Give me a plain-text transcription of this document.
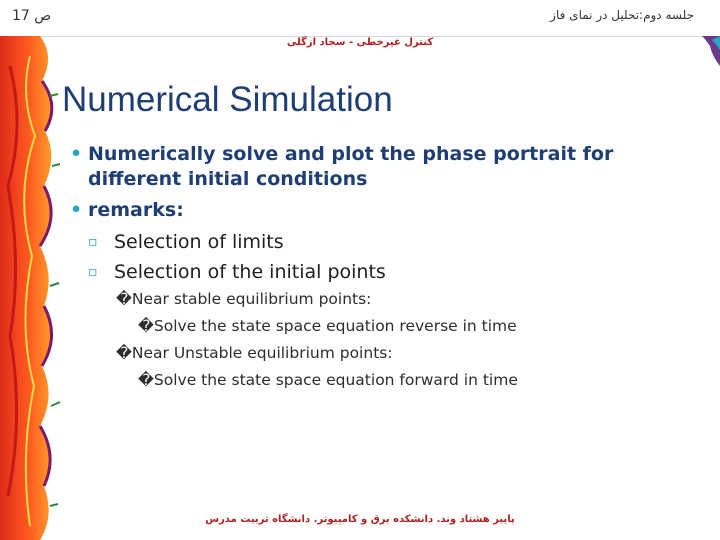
ص 17	جلسه دوم:تحلیل در نمای فاز
کنترل غیرخطی - سجاد ازگلی
Numerical Simulation
• Numerically solve and plot the phase portrait for different initial conditions
• remarks:
▫ Selection of limits
▫ Selection of the initial points
�Near stable equilibrium points:
�Solve the state space equation reverse in time
�Near Unstable equilibrium points:
�Solve the state space equation forward in time
پاییز هشتاد وند. دانشکده برق و کامپیوتر. دانشگاه تربیت مدرس
